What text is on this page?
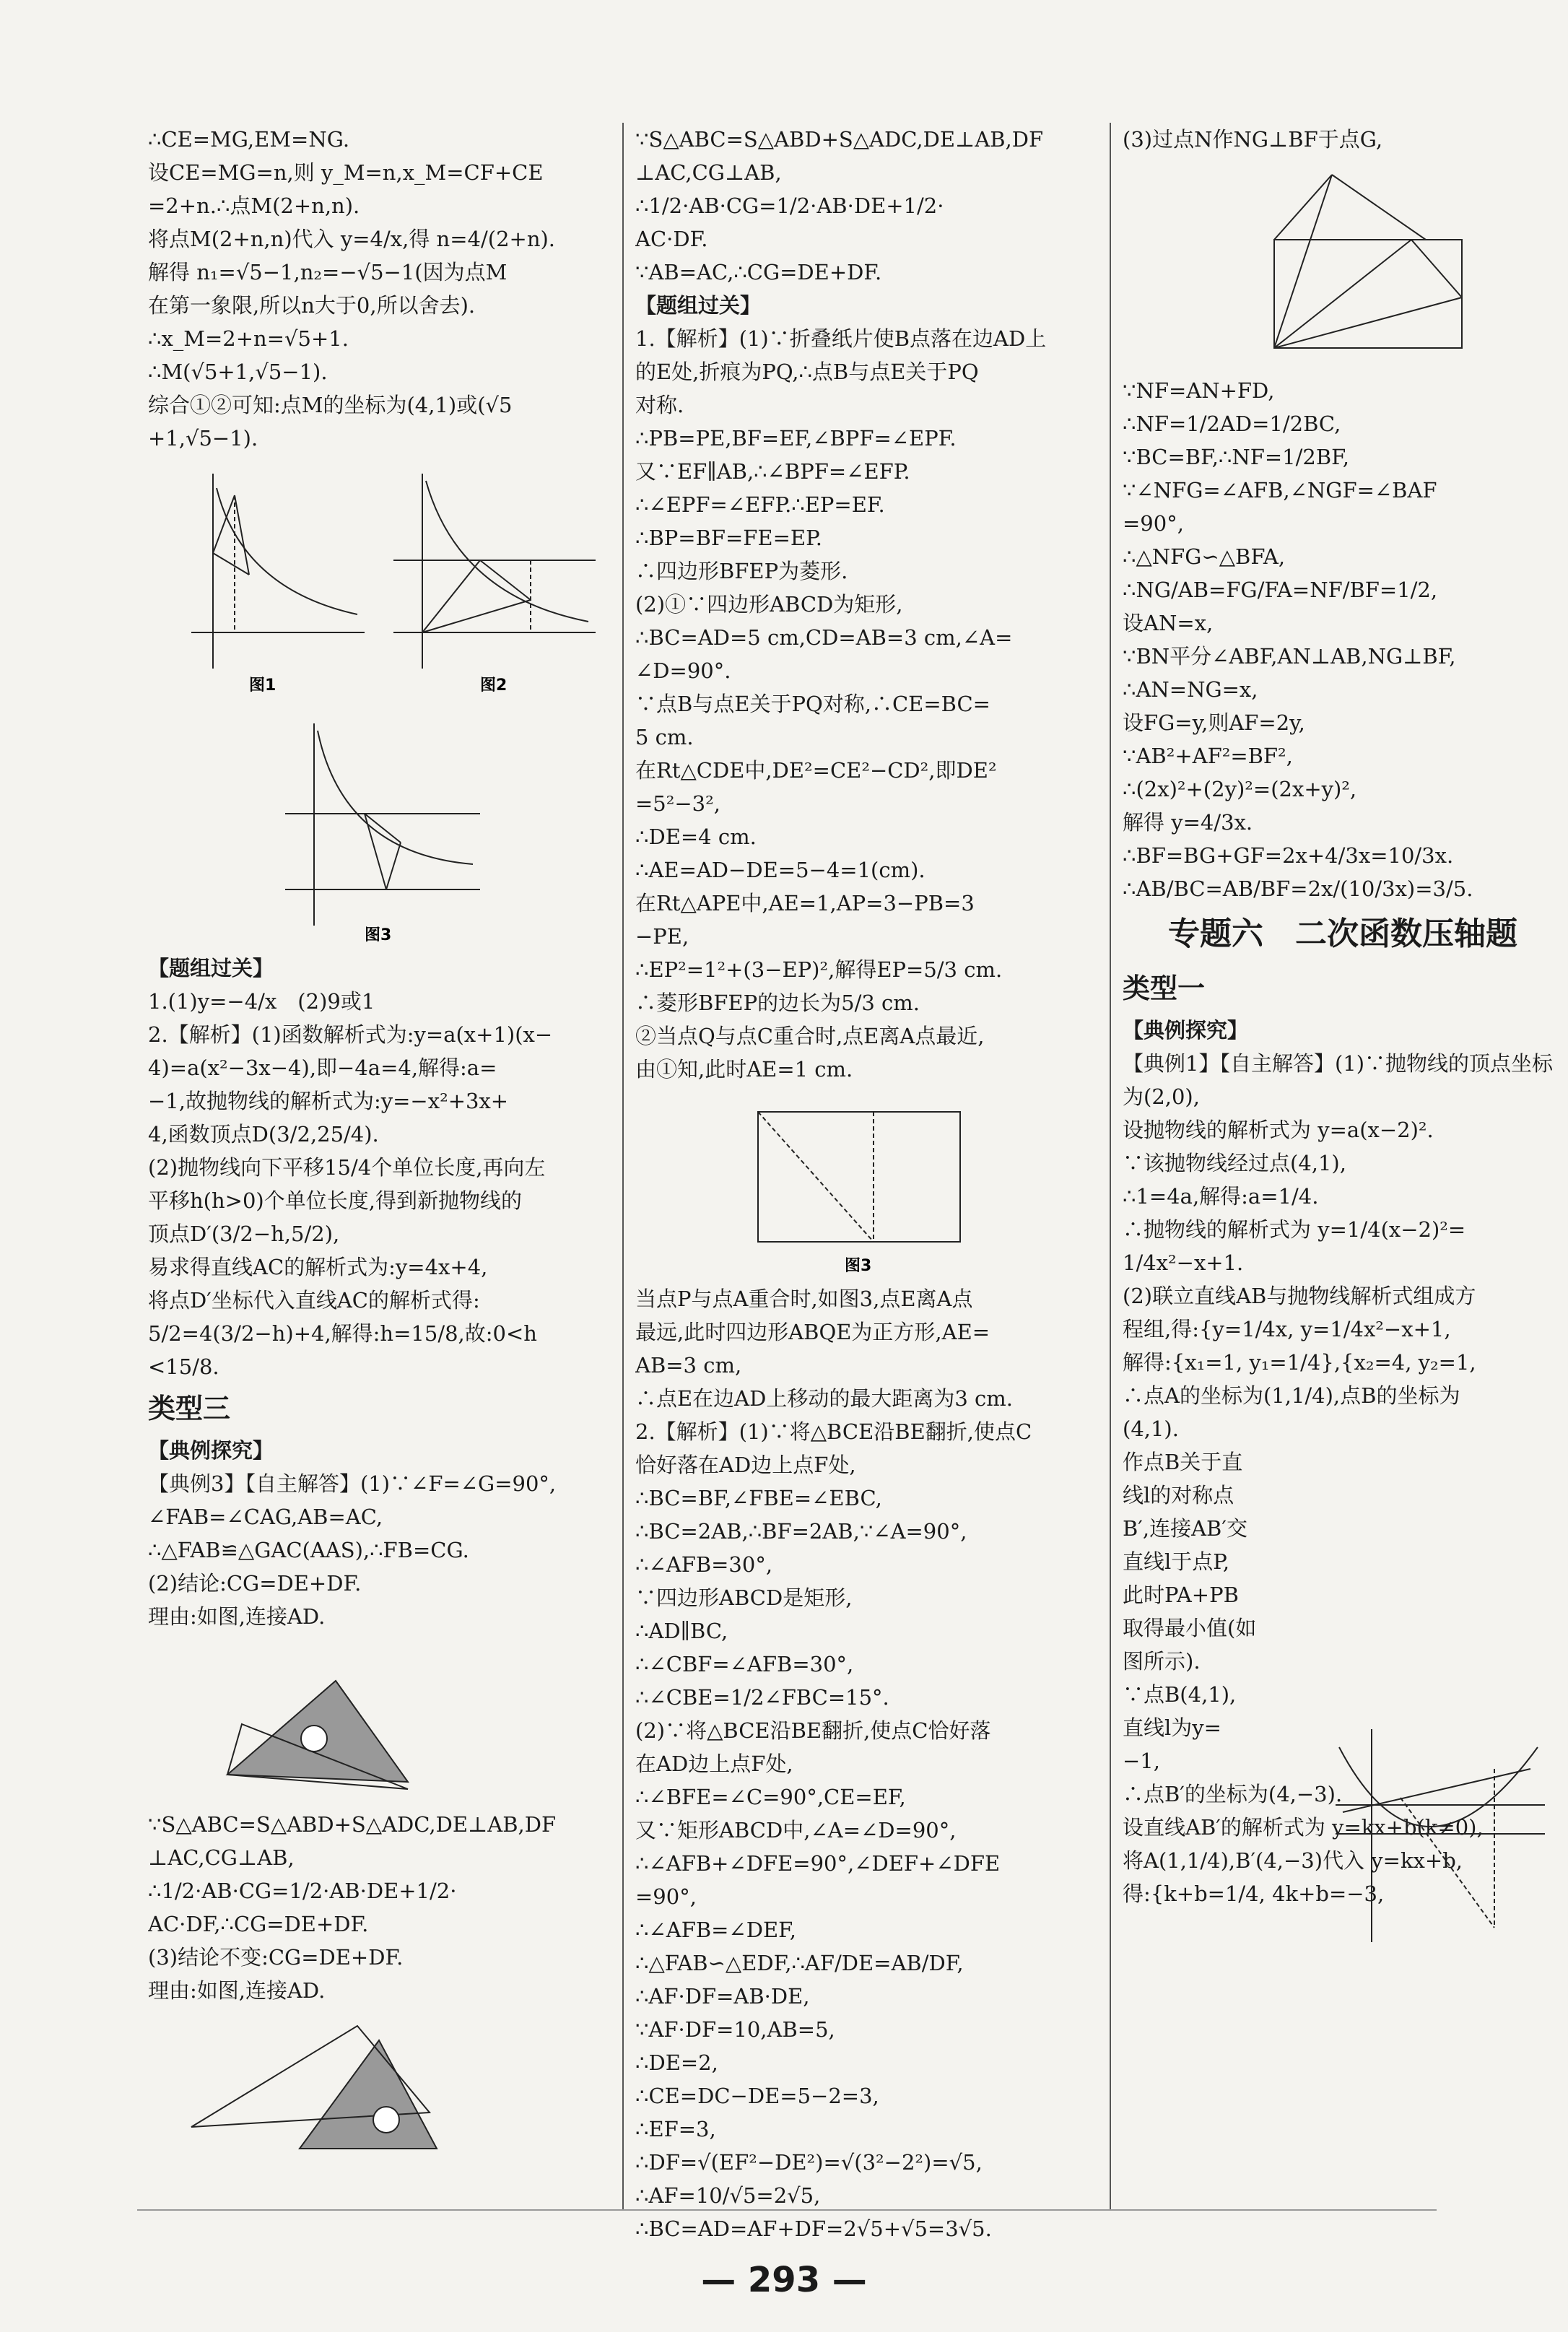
∴CE=MG,EM=NG.
设CE=MG=n,则 y_M=n,x_M=CF+CE
=2+n.∴点M(2+n,n).
将点M(2+n,n)代入 y=4/x,得 n=4/(2+n).
解得 n₁=√5−1,n₂=−√5−1(因为点M
在第一象限,所以n大于0,所以舍去).
∴x_M=2+n=√5+1.
∴M(√5+1,√5−1).
综合①②可知:点M的坐标为(4,1)或(√5
+1,√5−1).
图1	图2
图3
【题组过关】
1.(1)y=−4/x　(2)9或1
2.【解析】(1)函数解析式为:y=a(x+1)(x−
4)=a(x²−3x−4),即−4a=4,解得:a=
−1,故抛物线的解析式为:y=−x²+3x+
4,函数顶点D(3/2,25/4).
(2)抛物线向下平移15/4个单位长度,再向左
平移h(h>0)个单位长度,得到新抛物线的
顶点D′(3/2−h,5/2),
易求得直线AC的解析式为:y=4x+4,
将点D′坐标代入直线AC的解析式得:
5/2=4(3/2−h)+4,解得:h=15/8,故:0<h
<15/8.
类型三
【典例探究】
【典例3】【自主解答】(1)∵∠F=∠G=90°,
∠FAB=∠CAG,AB=AC,
∴△FAB≌△GAC(AAS),∴FB=CG.
(2)结论:CG=DE+DF.
理由:如图,连接AD.
∵S△ABC=S△ABD+S△ADC,DE⊥AB,DF
⊥AC,CG⊥AB,
∴1/2·AB·CG=1/2·AB·DE+1/2·
AC·DF,∴CG=DE+DF.
(3)结论不变:CG=DE+DF.
理由:如图,连接AD.
∵S△ABC=S△ABD+S△ADC,DE⊥AB,DF
⊥AC,CG⊥AB,
∴1/2·AB·CG=1/2·AB·DE+1/2·
AC·DF.
∵AB=AC,∴CG=DE+DF.
【题组过关】
1.【解析】(1)∵折叠纸片使B点落在边AD上
的E处,折痕为PQ,∴点B与点E关于PQ
对称.
∴PB=PE,BF=EF,∠BPF=∠EPF.
又∵EF∥AB,∴∠BPF=∠EFP.
∴∠EPF=∠EFP.∴EP=EF.
∴BP=BF=FE=EP.
∴四边形BFEP为菱形.
(2)①∵四边形ABCD为矩形,
∴BC=AD=5 cm,CD=AB=3 cm,∠A=
∠D=90°.
∵点B与点E关于PQ对称,∴CE=BC=
5 cm.
在Rt△CDE中,DE²=CE²−CD²,即DE²
=5²−3²,
∴DE=4 cm.
∴AE=AD−DE=5−4=1(cm).
在Rt△APE中,AE=1,AP=3−PB=3
−PE,
∴EP²=1²+(3−EP)²,解得EP=5/3 cm.
∴菱形BFEP的边长为5/3 cm.
②当点Q与点C重合时,点E离A点最近,
由①知,此时AE=1 cm.
图3
当点P与点A重合时,如图3,点E离A点
最远,此时四边形ABQE为正方形,AE=
AB=3 cm,
∴点E在边AD上移动的最大距离为3 cm.
2.【解析】(1)∵将△BCE沿BE翻折,使点C
恰好落在AD边上点F处,
∴BC=BF,∠FBE=∠EBC,
∴BC=2AB,∴BF=2AB,∵∠A=90°,
∴∠AFB=30°,
∵四边形ABCD是矩形,
∴AD∥BC,
∴∠CBF=∠AFB=30°,
∴∠CBE=1/2∠FBC=15°.
(2)∵将△BCE沿BE翻折,使点C恰好落
在AD边上点F处,
∴∠BFE=∠C=90°,CE=EF,
又∵矩形ABCD中,∠A=∠D=90°,
∴∠AFB+∠DFE=90°,∠DEF+∠DFE
=90°,
∴∠AFB=∠DEF,
∴△FAB∽△EDF,∴AF/DE=AB/DF,
∴AF·DF=AB·DE,
∵AF·DF=10,AB=5,
∴DE=2,
∴CE=DC−DE=5−2=3,
∴EF=3,
∴DF=√(EF²−DE²)=√(3²−2²)=√5,
∴AF=10/√5=2√5,
∴BC=AD=AF+DF=2√5+√5=3√5.
(3)过点N作NG⊥BF于点G,
∵NF=AN+FD,
∴NF=1/2AD=1/2BC,
∵BC=BF,∴NF=1/2BF,
∵∠NFG=∠AFB,∠NGF=∠BAF
=90°,
∴△NFG∽△BFA,
∴NG/AB=FG/FA=NF/BF=1/2,
设AN=x,
∵BN平分∠ABF,AN⊥AB,NG⊥BF,
∴AN=NG=x,
设FG=y,则AF=2y,
∵AB²+AF²=BF²,
∴(2x)²+(2y)²=(2x+y)²,
解得 y=4/3x.
∴BF=BG+GF=2x+4/3x=10/3x.
∴AB/BC=AB/BF=2x/(10/3x)=3/5.
专题六　二次函数压轴题
类型一
【典例探究】
【典例1】【自主解答】(1)∵抛物线的顶点坐标
为(2,0),
设抛物线的解析式为 y=a(x−2)².
∵该抛物线经过点(4,1),
∴1=4a,解得:a=1/4.
∴抛物线的解析式为 y=1/4(x−2)²=
1/4x²−x+1.
(2)联立直线AB与抛物线解析式组成方
程组,得:{y=1/4x, y=1/4x²−x+1,
解得:{x₁=1, y₁=1/4},{x₂=4, y₂=1,
∴点A的坐标为(1,1/4),点B的坐标为
(4,1).
作点B关于直
线l的对称点
B′,连接AB′交
直线l于点P,
此时PA+PB
取得最小值(如
图所示).
∵点B(4,1),
直线l为y=
−1,
∴点B′的坐标为(4,−3).
设直线AB′的解析式为 y=kx+b(k≠0),
将A(1,1/4),B′(4,−3)代入 y=kx+b,
得:{k+b=1/4, 4k+b=−3,
— 293 —
